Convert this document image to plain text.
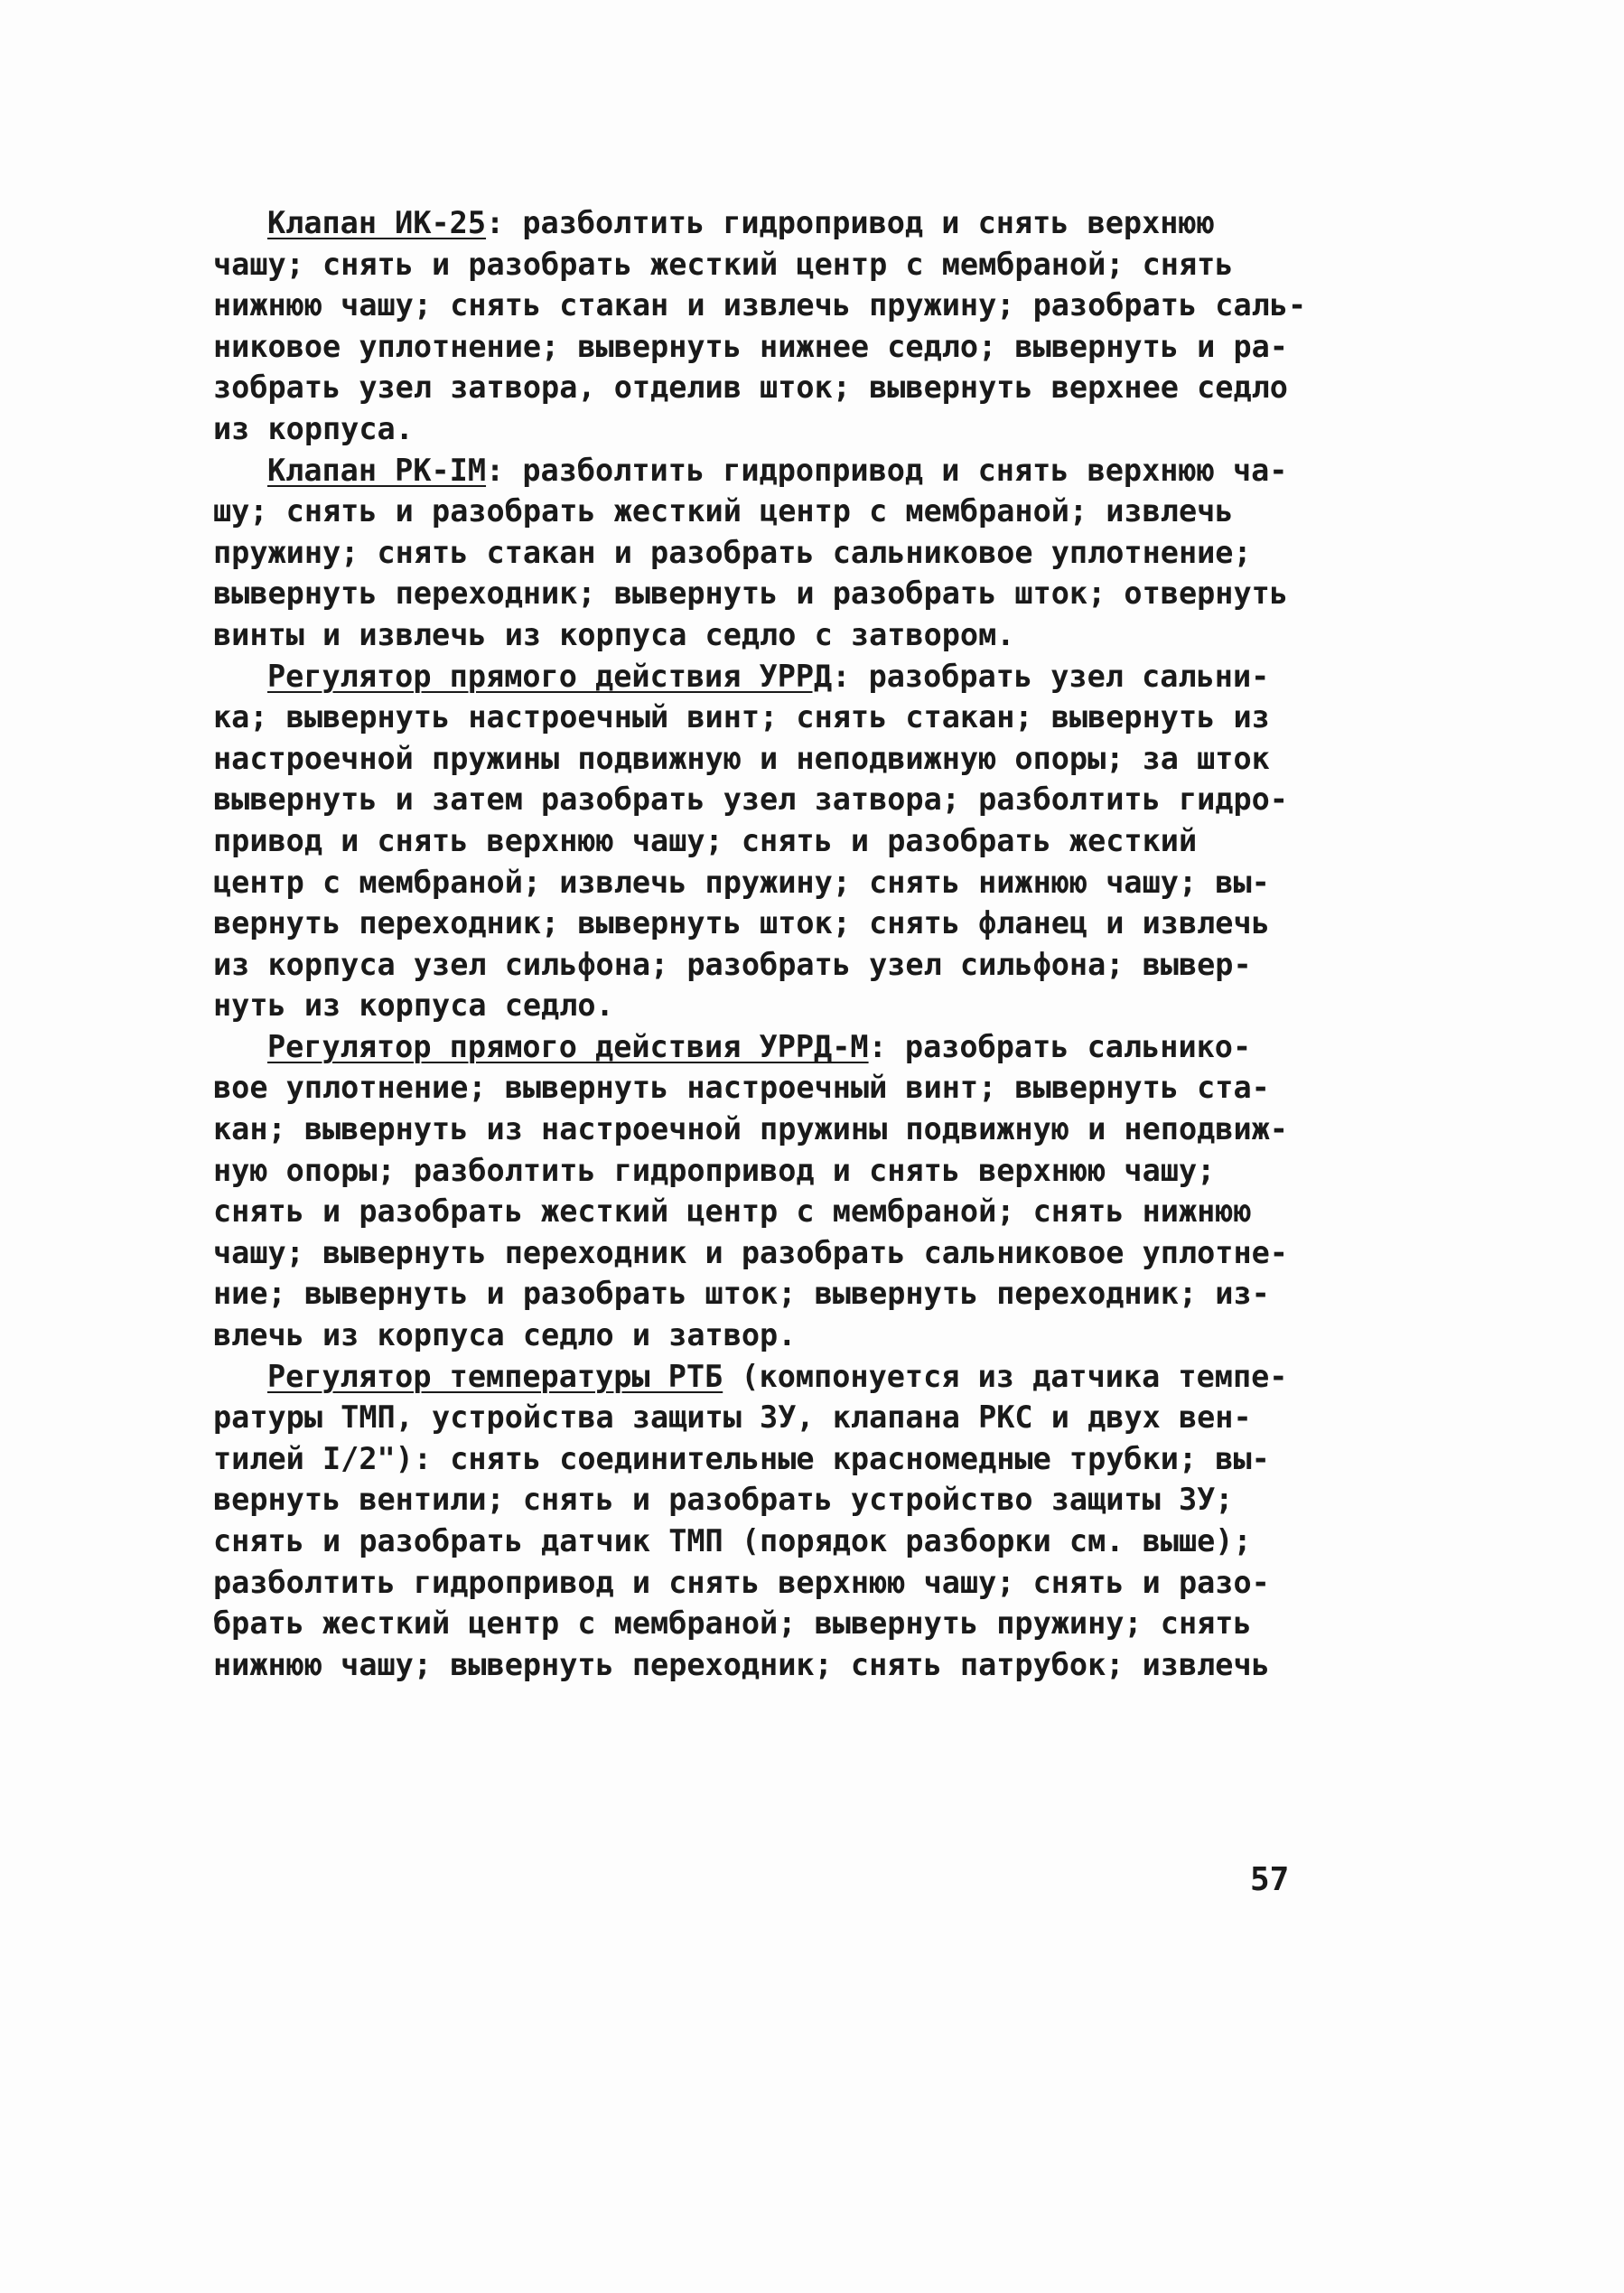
Клапан ИК-25: разболтить гидропривод и снять верхнюю
чашу; снять и разобрать жесткий центр с мембраной; снять
нижнюю чашу; снять стакан и извлечь пружину; разобрать саль-
никовое уплотнение; вывернуть нижнее седло; вывернуть и ра-
зобрать узел затвора, отделив шток; вывернуть верхнее седло
из корпуса.
Клапан РК-IM: разболтить гидропривод и снять верхнюю ча-
шу; снять и разобрать жесткий центр с мембраной; извлечь
пружину; снять стакан и разобрать сальниковое уплотнение;
вывернуть переходник; вывернуть и разобрать шток; отвернуть
винты и извлечь из корпуса седло с затвором.
Регулятор прямого действия УРРД: разобрать узел сальни-
ка; вывернуть настроечный винт; снять стакан; вывернуть из
настроечной пружины подвижную и неподвижную опоры; за шток
вывернуть и затем разобрать узел затвора; разболтить гидро-
привод и снять верхнюю чашу; снять и разобрать жесткий
центр с мембраной; извлечь пружину; снять нижнюю чашу; вы-
вернуть переходник; вывернуть шток; снять фланец и извлечь
из корпуса узел сильфона; разобрать узел сильфона; вывер-
нуть из корпуса седло.
Регулятор прямого действия УРРД-М: разобрать сальнико-
вое уплотнение; вывернуть настроечный винт; вывернуть ста-
кан; вывернуть из настроечной пружины подвижную и неподвиж-
ную опоры; разболтить гидропривод и снять верхнюю чашу;
снять и разобрать жесткий центр с мембраной; снять нижнюю
чашу; вывернуть переходник и разобрать сальниковое уплотне-
ние; вывернуть и разобрать шток; вывернуть переходник; из-
влечь из корпуса седло и затвор.
Регулятор температуры РТБ (компонуется из датчика темпе-
ратуры ТМП, устройства защиты ЗУ, клапана РКС и двух вен-
тилей I/2"): снять соединительные красномедные трубки; вы-
вернуть вентили; снять и разобрать устройство защиты ЗУ;
снять и разобрать датчик ТМП (порядок разборки см. выше);
разболтить гидропривод и снять верхнюю чашу; снять и разо-
брать жесткий центр с мембраной; вывернуть пружину; снять
нижнюю чашу; вывернуть переходник; снять патрубок; извлечь
57
